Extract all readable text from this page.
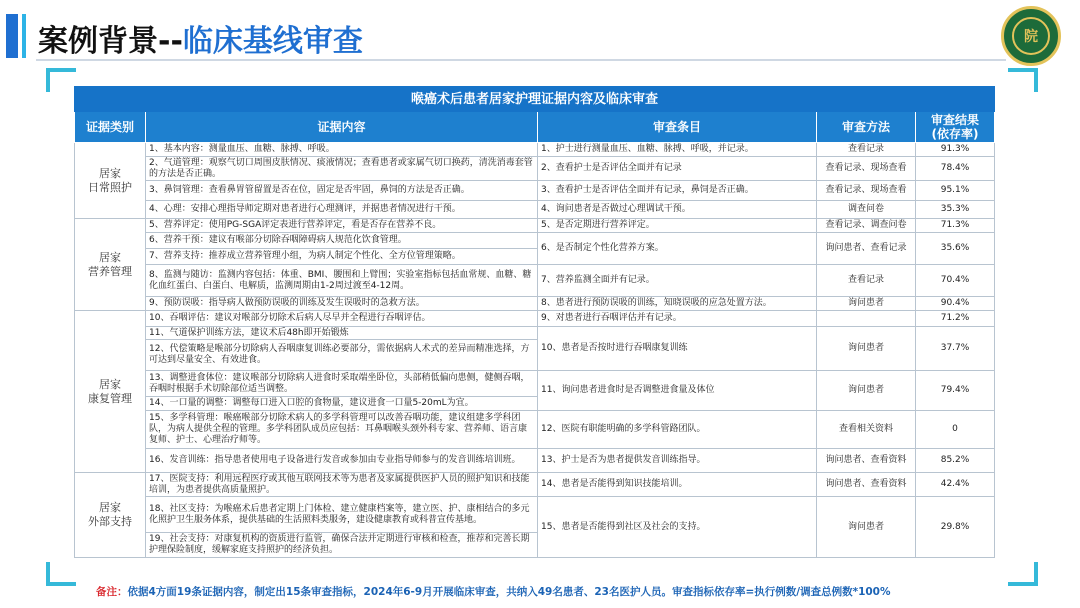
案例背景--临床基线审查	院
喉癌术后患者居家护理证据内容及临床审查				
证据类别	证据内容	审查条目	审查方法	审查结果
(依存率)

居家
日常照护	1、基本内容：测量血压、血糖、脉搏、呼吸。	1、护士进行测量血压、血糖、脉搏、呼吸，并记录。	查看记录	91.3%
	2、气道管理：观察气切口周围皮肤情况、痰液情况；查看患者或家属气切口换药，清洗消毒套管的方法是否正确。	2、查看护士是否评估全面并有记录	查看记录、现场查看	78.4%
	3、鼻饲管理：查看鼻胃管留置是否在位，固定是否牢固，鼻饲的方法是否正确。	3、查看护士是否评估全面并有记录，鼻饲是否正确。	查看记录、现场查看	95.1%
	4、心理：安排心理指导师定期对患者进行心理测评，并据患者情况进行干预。	4、询问患者是否做过心理调试干预。	调查问卷	35.3%
居家
营养管理	5、营养评定：使用PG-SGA评定表进行营养评定，看是否存在营养不良。	5、是否定期进行营养评定。	查看记录、调查问卷	71.3%
	6、营养干预：建议有喉部分切除吞咽障碍病人规范化饮食管理。	6、是否制定个性化营养方案。	询问患者、查看记录	35.6%
	7、营养支持：推荐成立营养管理小组，为病人制定个性化、全方位管理策略。			
	8、监测与随访：监测内容包括：体重、BMI、腰围和上臂围；实验室指标包括血常规、血糖、糖化血红蛋白、白蛋白、电解质，监测周期由1-2周过渡至4-12周。	7、营养监测全面并有记录。	查看记录	70.4%
	9、预防误吸：指导病人做预防误吸的训练及发生误吸时的急救方法。	8、患者进行预防误吸的训练，知晓误吸的应急处置方法。	询问患者	90.4%
居家
康复管理	10、吞咽评估：建议对喉部分切除术后病人尽早并全程进行吞咽评估。	9、对患者进行吞咽评估并有记录。		71.2%
	11、气道保护训练方法，建议术后48h即开始锻炼	10、患者是否按时进行吞咽康复训练	询问患者	37.7%
	12、代偿策略是喉部分切除病人吞咽康复训练必要部分，需依据病人术式的差异而精准选择，方可达到尽量安全、有效进食。			
	13、调整进食体位：建议喉部分切除病人进食时采取端坐卧位，头部稍低偏向患侧，健侧吞咽，吞咽时根据手术切除部位适当调整。	11、询问患者进食时是否调整进食量及体位	询问患者	79.4%
	14、一口量的调整：调整每口进入口腔的食物量，建议进食一口量5-20mL为宜。			
	15、多学科管理：喉癌喉部分切除术病人的多学科管理可以改善吞咽功能，建议组建多学科团队，为病人提供全程的管理。多学科团队成员应包括：耳鼻咽喉头颈外科专家、营养师、语言康复师、护士、心理治疗师等。	12、医院有职能明确的多学科管路团队。	查看相关资料	0
	16、发音训练：指导患者使用电子设备进行发音或参加由专业指导师参与的发音训练培训班。	13、护士是否为患者提供发音训练指导。	询问患者、查看资料	85.2%
居家
外部支持	17、医院支持：利用远程医疗或其他互联网技术等为患者及家属提供医护人员的照护知识和技能培训，为患者提供高质量照护。	14、患者是否能得到知识技能培训。	询问患者、查看资料	42.4%
	18、社区支持：为喉癌术后患者定期上门体检、建立健康档案等，建立医、护、康相结合的多元化照护卫生服务体系，提供基础的生活照料类服务，建设健康教育或科普宣传基地。	15、患者是否能得到社区及社会的支持。	询问患者	29.8%
	19、社会支持：对康复机构的资质进行监管，确保合法并定期进行审核和检查，推荐和完善长期护理保险制度，缓解家庭支持照护的经济负担。			
备注：依据4方面19条证据内容，制定出15条审查指标，2024年6-9月开展临床审查，共纳入49名患者、23名医护人员。审查指标依存率=执行例数/调查总例数*100%
